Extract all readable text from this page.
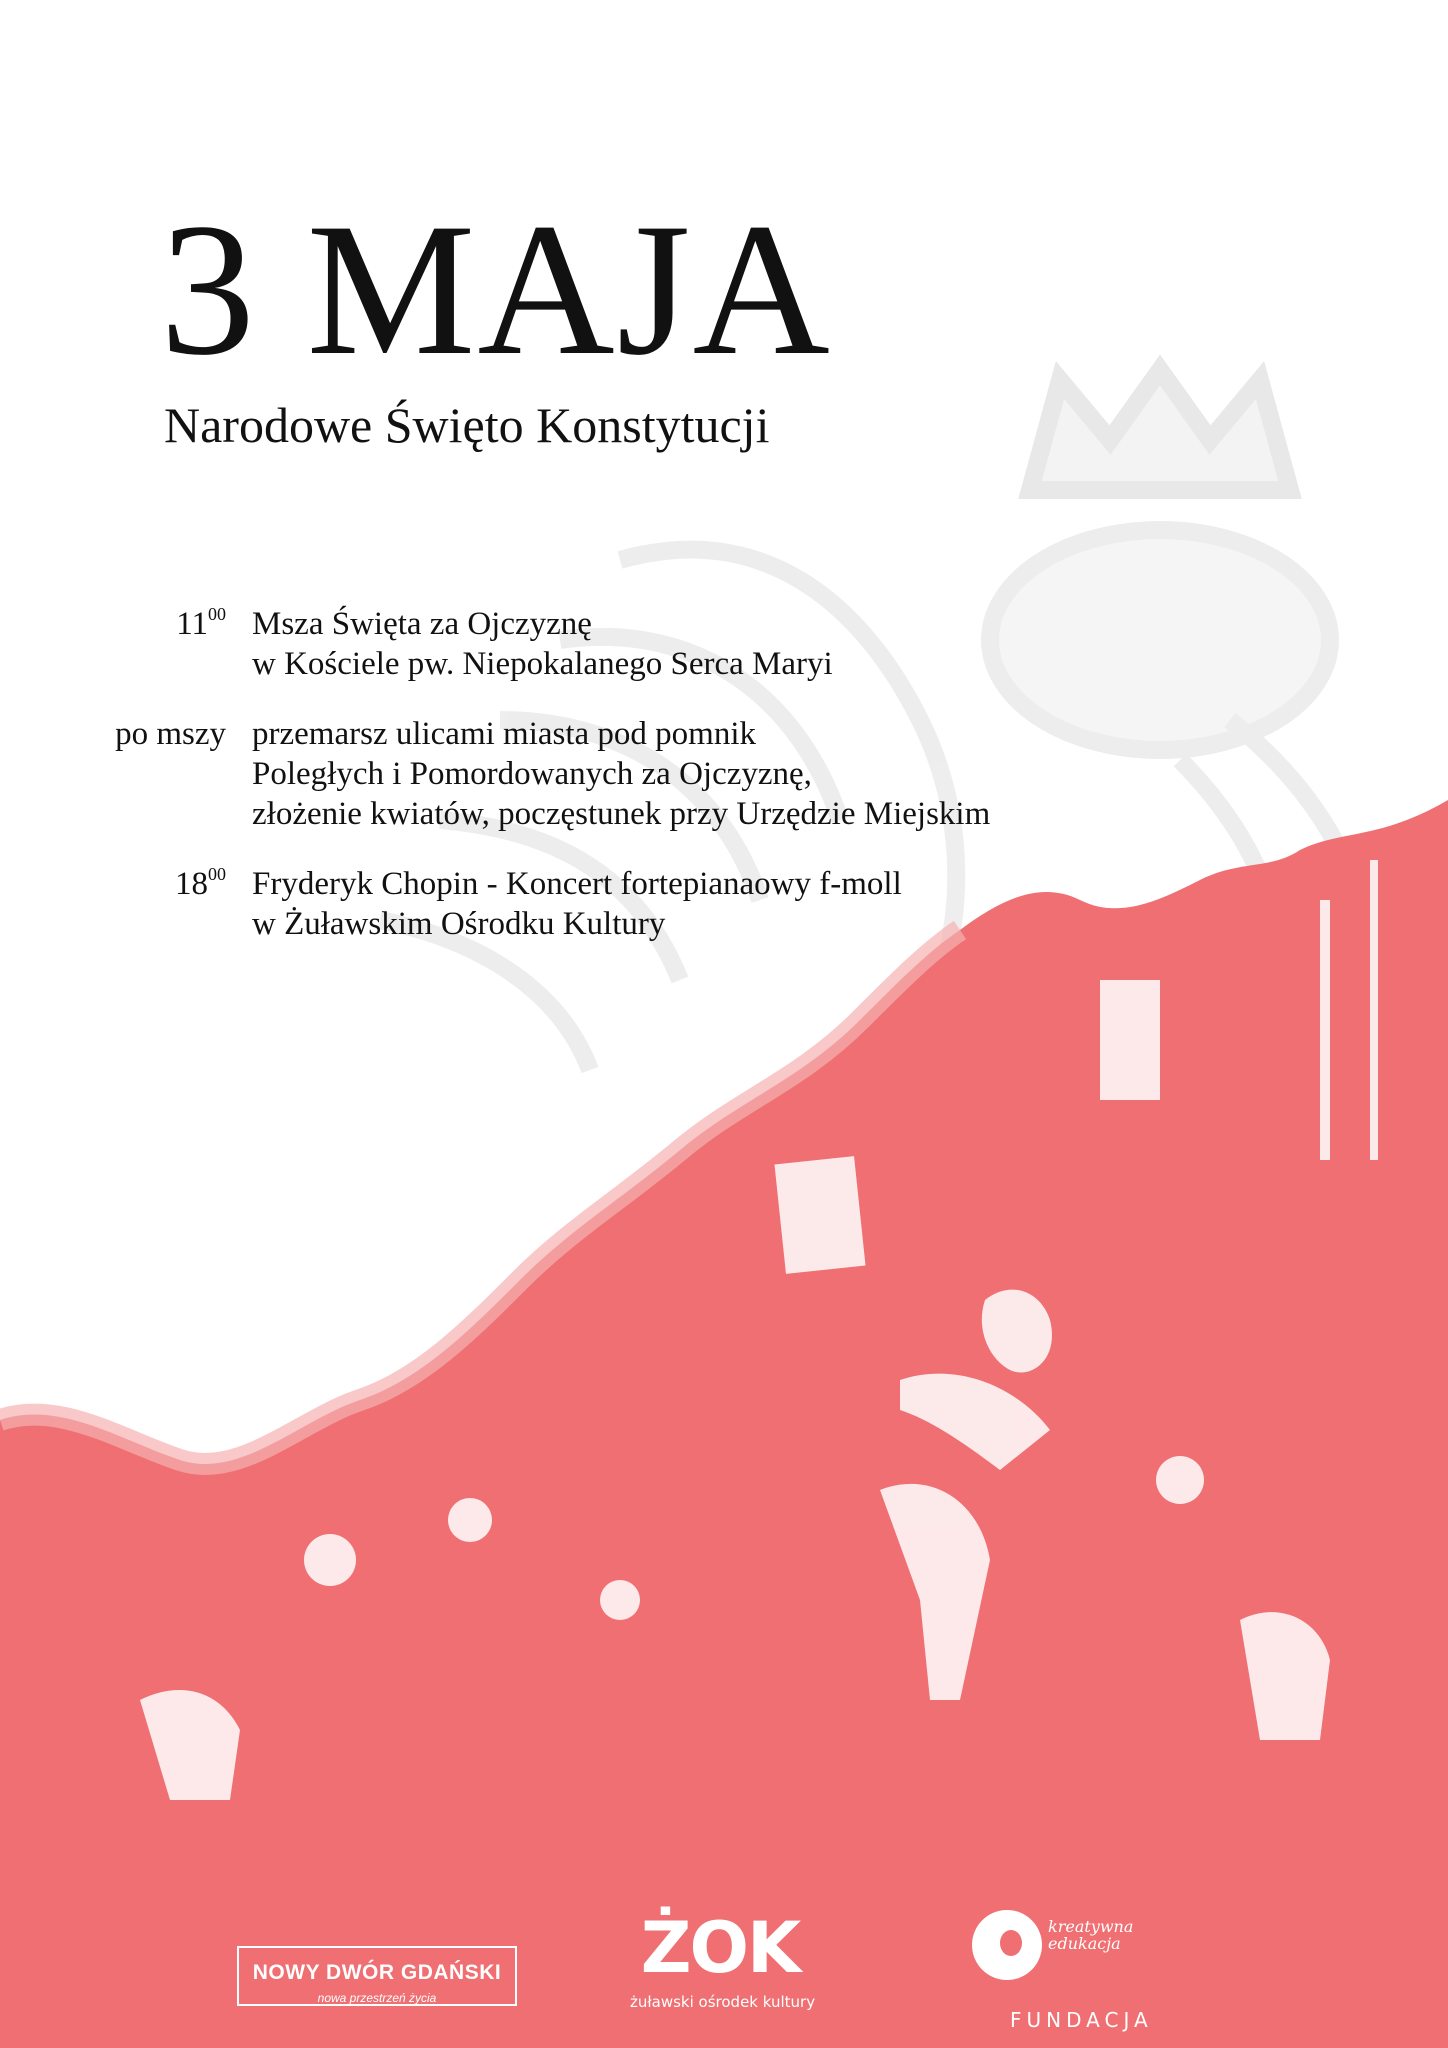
3 MAJA
Narodowe Święto Konstytucji
$11^{00}$ Msza Święta za Ojczyznę
w Kościele pw. Niepokalanego Serca Maryi
po mszy przemarsz ulicami miasta pod pomnik
Poległych i Pomordowanych za Ojczyznę,
złożenie kwiatów, poczęstunek przy Urzędzie Miejskim
$18^{00}$ Fryderyk Chopin - Koncert fortepianaowy f-moll
w Żuławskim Ośrodku Kultury
NOWY DWÓR GDAŃSKI
nowa przestrzeń życia
ŻOK
żuławski ośrodek kultury
kreatywna edukacja
FUNDACJA
